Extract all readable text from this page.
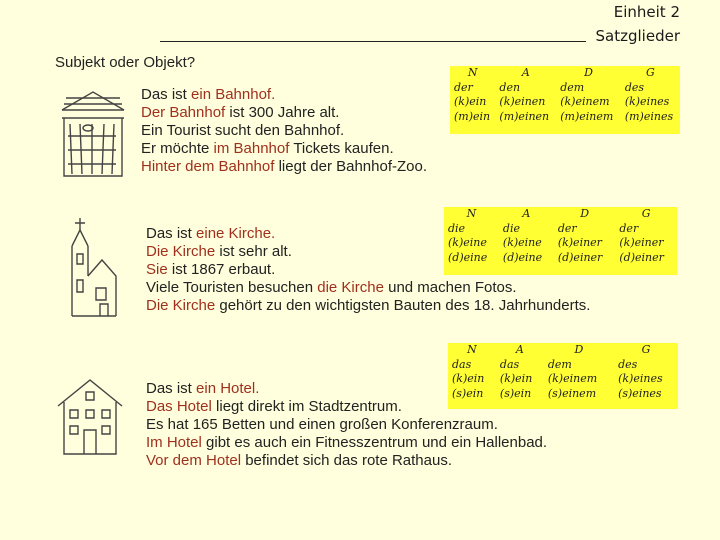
Einheit 2
Satzglieder
Subjekt oder Objekt?
Das ist ein Bahnhof.
Der Bahnhof ist 300 Jahre alt.
Ein Tourist sucht den Bahnhof.
Er möchte im Bahnhof Tickets kaufen.
Hinter dem Bahnhof liegt der Bahnhof-Zoo.
N	A	D	G
der	den	dem	des
(k)ein	(k)einen	(k)einem	(k)eines
(m)ein	(m)einen	(m)einem	(m)eines
Das ist eine Kirche.
Die Kirche ist sehr alt.
Sie ist 1867 erbaut.
Viele Touristen besuchen die Kirche und machen Fotos.
Die Kirche gehört zu den wichtigsten Bauten des 18. Jahrhunderts.
N	A	D	G
die	die	der	der
(k)eine	(k)eine	(k)einer	(k)einer
(d)eine	(d)eine	(d)einer	(d)einer
Das ist ein Hotel.
Das Hotel liegt direkt im Stadtzentrum.
Es hat 165 Betten und einen großen Konferenzraum.
Im Hotel gibt es auch ein Fitnesszentrum und ein Hallenbad.
Vor dem Hotel befindet sich das rote Rathaus.
N	A	D	G
das	das	dem	des
(k)ein	(k)ein	(k)einem	(k)eines
(s)ein	(s)ein	(s)einem	(s)eines
